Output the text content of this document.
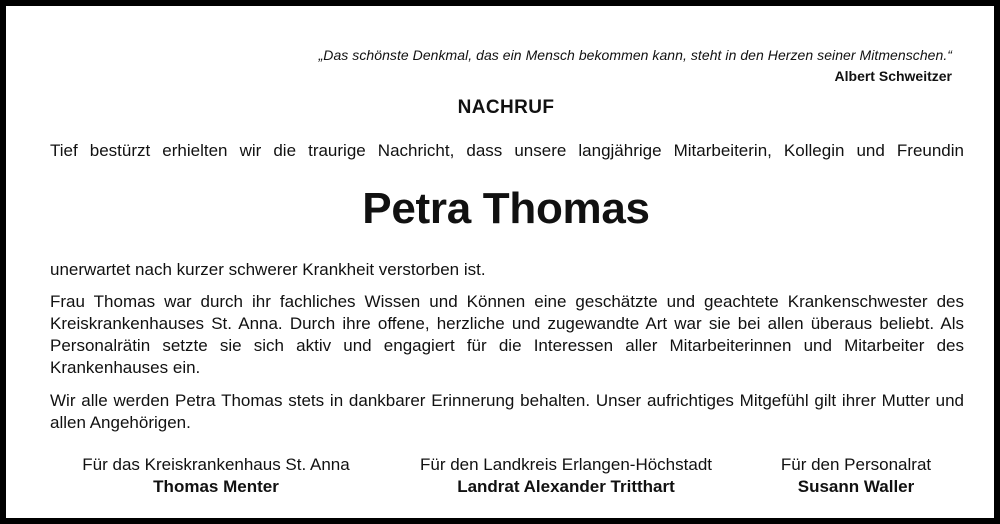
„Das schönste Denkmal, das ein Mensch bekommen kann, steht in den Herzen seiner Mitmenschen.“
Albert Schweitzer
NACHRUF
Tief bestürzt erhielten wir die traurige Nachricht, dass unsere langjährige Mitarbeiterin, Kollegin und Freundin
Petra Thomas
unerwartet nach kurzer schwerer Krankheit verstorben ist.
Frau Thomas war durch ihr fachliches Wissen und Können eine geschätzte und geachtete Krankenschwester des Kreiskrankenhauses St. Anna. Durch ihre offene, herzliche und zugewandte Art war sie bei allen überaus beliebt. Als Personalrätin setzte sie sich aktiv und engagiert für die Interessen aller Mitarbeiterinnen und Mitarbeiter des Krankenhauses ein.
Wir alle werden Petra Thomas stets in dankbarer Erinnerung behalten. Unser aufrichtiges Mitgefühl gilt ihrer Mutter und allen Angehörigen.
Für das Kreiskrankenhaus St. Anna
Thomas Menter
Für den Landkreis Erlangen-Höchstadt
Landrat Alexander Tritthart
Für den Personalrat
Susann Waller
